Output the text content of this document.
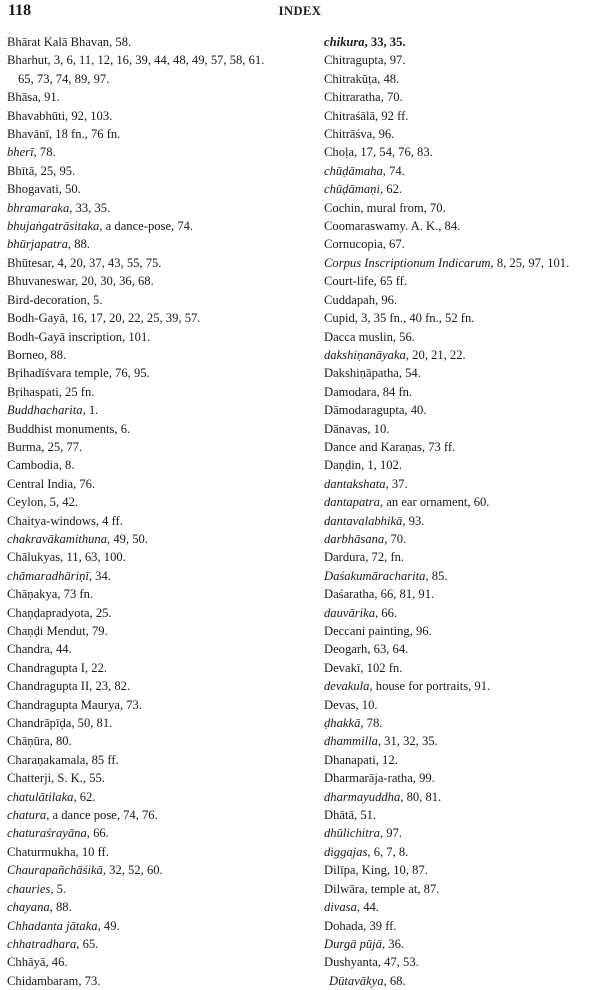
118	INDEX
Bhārat Kalā Bhavan, 58.
Bharhut, 3, 6, 11, 12, 16, 39, 44, 48, 49, 57, 58, 61.
65, 73, 74, 89, 97.
Bhāsa, 91.
Bhavabhūti, 92, 103.
Bhavānī, 18 fn., 76 fn.
bherī, 78.
Bhītā, 25, 95.
Bhogavati, 50.
bhramaraka, 33, 35.
bhujaṅgatrāsitaka, a dance-pose, 74.
bhūrjapatra, 88.
Bhūtesar, 4, 20, 37, 43, 55, 75.
Bhuvaneswar, 20, 30, 36, 68.
Bird-decoration, 5.
Bodh-Gayā, 16, 17, 20, 22, 25, 39, 57.
Bodh-Gayā inscription, 101.
Borneo, 88.
Bṛihadīśvara temple, 76, 95.
Bṛihaspati, 25 fn.
Buddhacharita, 1.
Buddhist monuments, 6.
Burma, 25, 77.
Cambodia, 8.
Central India, 76.
Ceylon, 5, 42.
Chaitya-windows, 4 ff.
chakravākamithuna, 49, 50.
Chālukyas, 11, 63, 100.
chāmaradhāriṇī, 34.
Chāṇakya, 73 fn.
Chaṇḍapradyota, 25.
Chaṇḍi Mendut, 79.
Chandra, 44.
Chandragupta I, 22.
Chandragupta II, 23, 82.
Chandragupta Maurya, 73.
Chandrāpīḍa, 50, 81.
Chāṇūra, 80.
Charaṇakamala, 85 ff.
Chatterji, S. K., 55.
chatulātilaka, 62.
chatura, a dance pose, 74, 76.
chaturaśrayāna, 66.
Chaturmukha, 10 ff.
Chaurapañchāśikā, 32, 52, 60.
chauries, 5.
chayana, 88.
Chhadanta jātaka, 49.
chhatradhara, 65.
Chhāyā, 46.
Chidambaram, 73.
chikura, 33, 35.
Chitragupta, 97.
Chitrakūṭa, 48.
Chitraratha, 70.
Chitraśālā, 92 ff.
Chitrāśva, 96.
Choḷa, 17, 54, 76, 83.
chūḍāmaha, 74.
chūḍāmaṇi, 62.
Cochin, mural from, 70.
Coomaraswamy. A. K., 84.
Cornucopia, 67.
Corpus Inscriptionum Indicarum, 8, 25, 97, 101.
Court-life, 65 ff.
Cuddapah, 96.
Cupid, 3, 35 fn., 40 fn., 52 fn.
Dacca muslin, 56.
dakshiṇanāyaka, 20, 21, 22.
Dakshiṇāpatha, 54.
Damodara, 84 fn.
Dāmodaragupta, 40.
Dānavas, 10.
Dance and Karaṇas, 73 ff.
Daṇḍin, 1, 102.
dantakshata, 37.
dantapatra, an ear ornament, 60.
dantavalabhikā, 93.
darbhāsana, 70.
Dardura, 72, fn.
Daśakumāracharita, 85.
Daśaratha, 66, 81, 91.
dauvārika, 66.
Deccani painting, 96.
Deogarh, 63, 64.
Devakī, 102 fn.
devakula, house for portraits, 91.
Devas, 10.
ḍhakkā, 78.
dhammilla, 31, 32, 35.
Dhanapati, 12.
Dharmarāja-ratha, 99.
dharmayuddha, 80, 81.
Dhātā, 51.
dhūlichitra, 97.
diggajas, 6, 7, 8.
Dilīpa, King, 10, 87.
Dilwāra, temple at, 87.
divasa, 44.
Dohada, 39 ff.
Durgā pūjā, 36.
Dushyanta, 47, 53.
Dūtavākya, 68.
